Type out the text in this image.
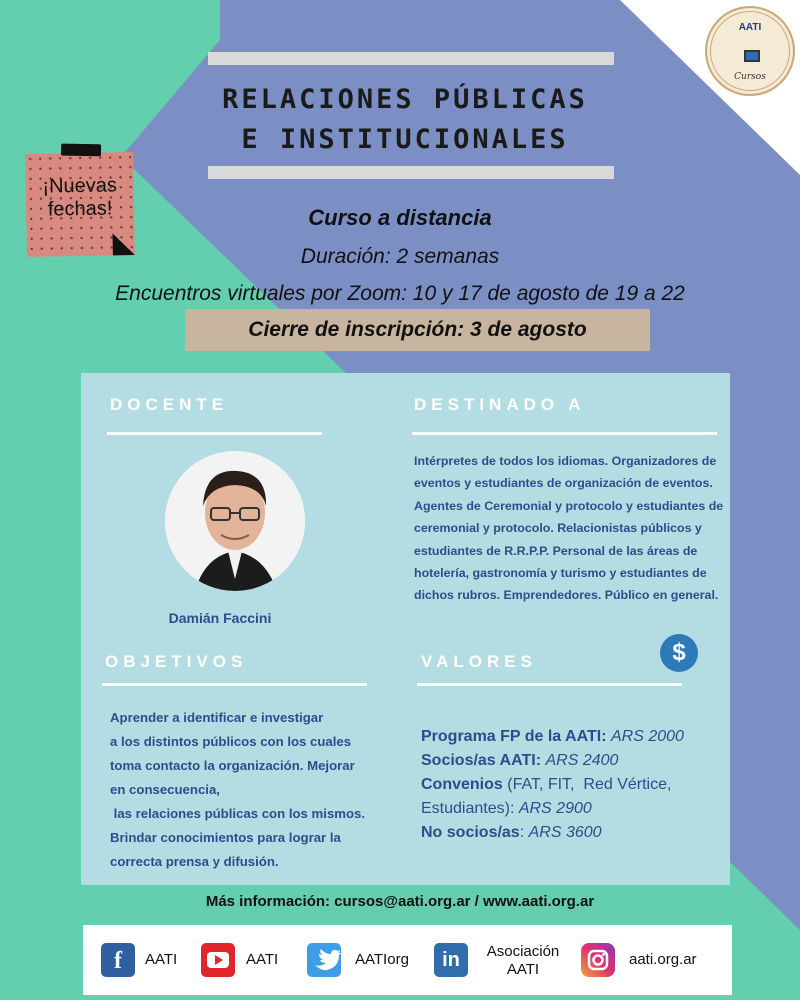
RELACIONES PÚBLICAS
E INSTITUCIONALES
AATI
Cursos
¡Nuevas fechas!	Curso a distancia
Duración: 2 semanas
Encuentros virtuales por Zoom: 10 y 17 de agosto de 19 a 22
Cierre de inscripción: 3 de agosto
DOCENTE
Damián Faccini
DESTINADO A
Intérpretes de todos los idiomas. Organizadores de eventos y estudiantes de organización de eventos. Agentes de Ceremonial y protocolo y estudiantes de ceremonial y protocolo. Relacionistas públicos y estudiantes de R.R.P.P. Personal de las áreas de hotelería, gastronomía y turismo y estudiantes de dichos rubros. Emprendedores. Público en general.
OBJETIVOS
Aprender a identificar e investigar
a los distintos públicos con los cuales
toma contacto la organización. Mejorar
en consecuencia,
las relaciones públicas con los mismos.
Brindar conocimientos para lograr la
correcta prensa y difusión.
VALORES	$
Programa FP de la AATI: ARS 2000
Socios/as AATI: ARS 2400
Convenios (FAT, FIT,  Red Vértice,
Estudiantes): ARS 2900
No socios/as: ARS 3600
Más información: cursos@aati.org.ar / www.aati.org.ar
f	AATI	AATI	AATIorg	in	Asociación
AATI
aati.org.ar
